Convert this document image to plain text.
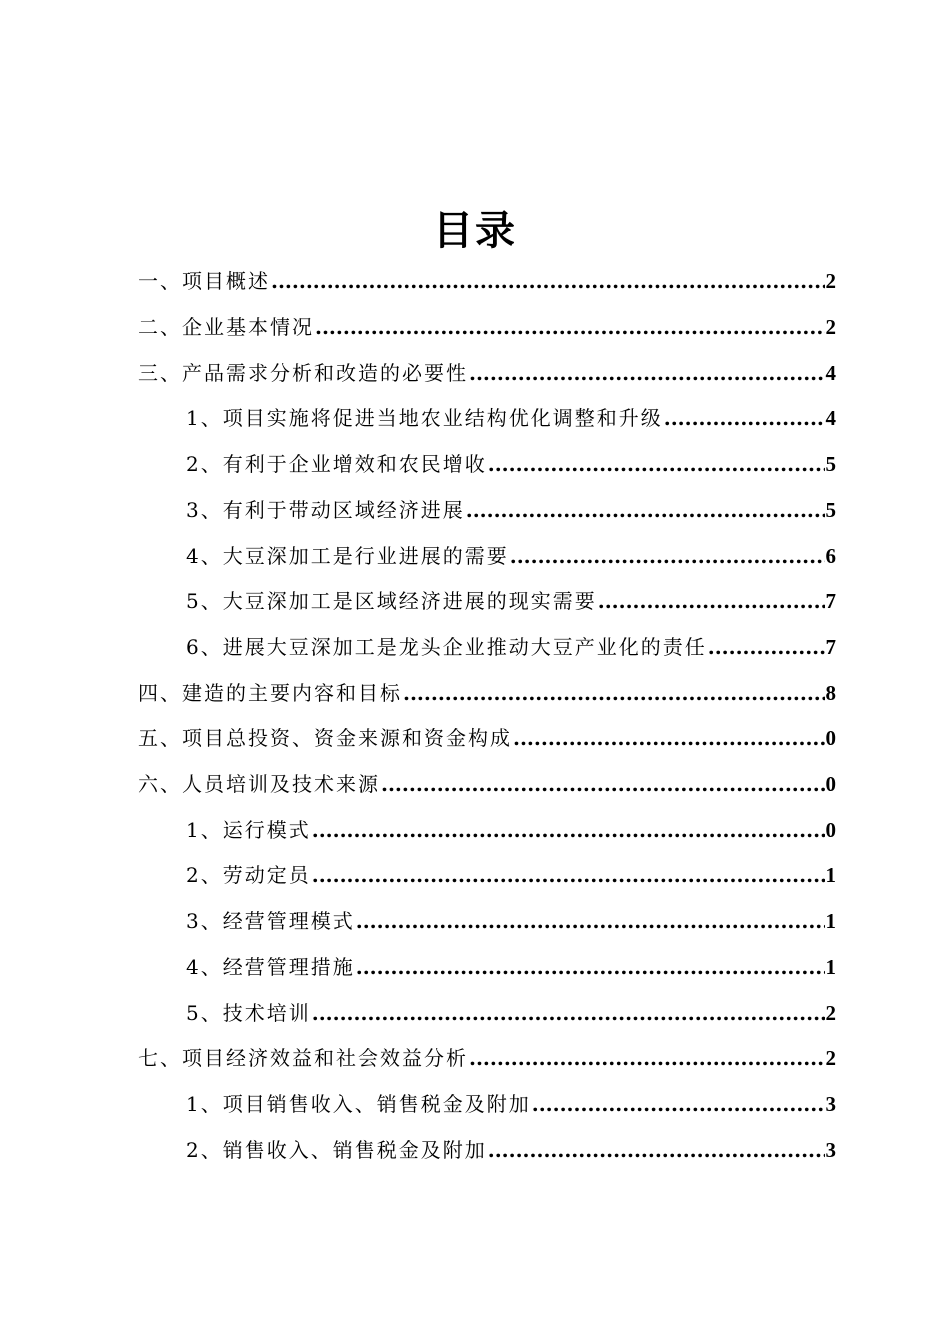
目录
一、项目概述 .....	2
二、企业基本情况 .....	2
三、产品需求分析和改造的必要性 .....	4
1、项目实施将促进当地农业结构优化调整和升级 .....	4
2、有利于企业增效和农民增收 .....	5
3、有利于带动区域经济进展 .....	5
4、大豆深加工是行业进展的需要 .....	6
5、大豆深加工是区域经济进展的现实需要 .....	7
6、进展大豆深加工是龙头企业推动大豆产业化的责任 .....	7
四、建造的主要内容和目标 .....	8
五、项目总投资、资金来源和资金构成 .....	0
六、人员培训及技术来源 .....	0
1、运行模式 .....	0
2、劳动定员 .....	1
3、经营管理模式 .....	1
4、经营管理措施 .....	1
5、技术培训 .....	2
七、项目经济效益和社会效益分析 .....	2
1、项目销售收入、销售税金及附加 .....	3
2、销售收入、销售税金及附加 .....	3
